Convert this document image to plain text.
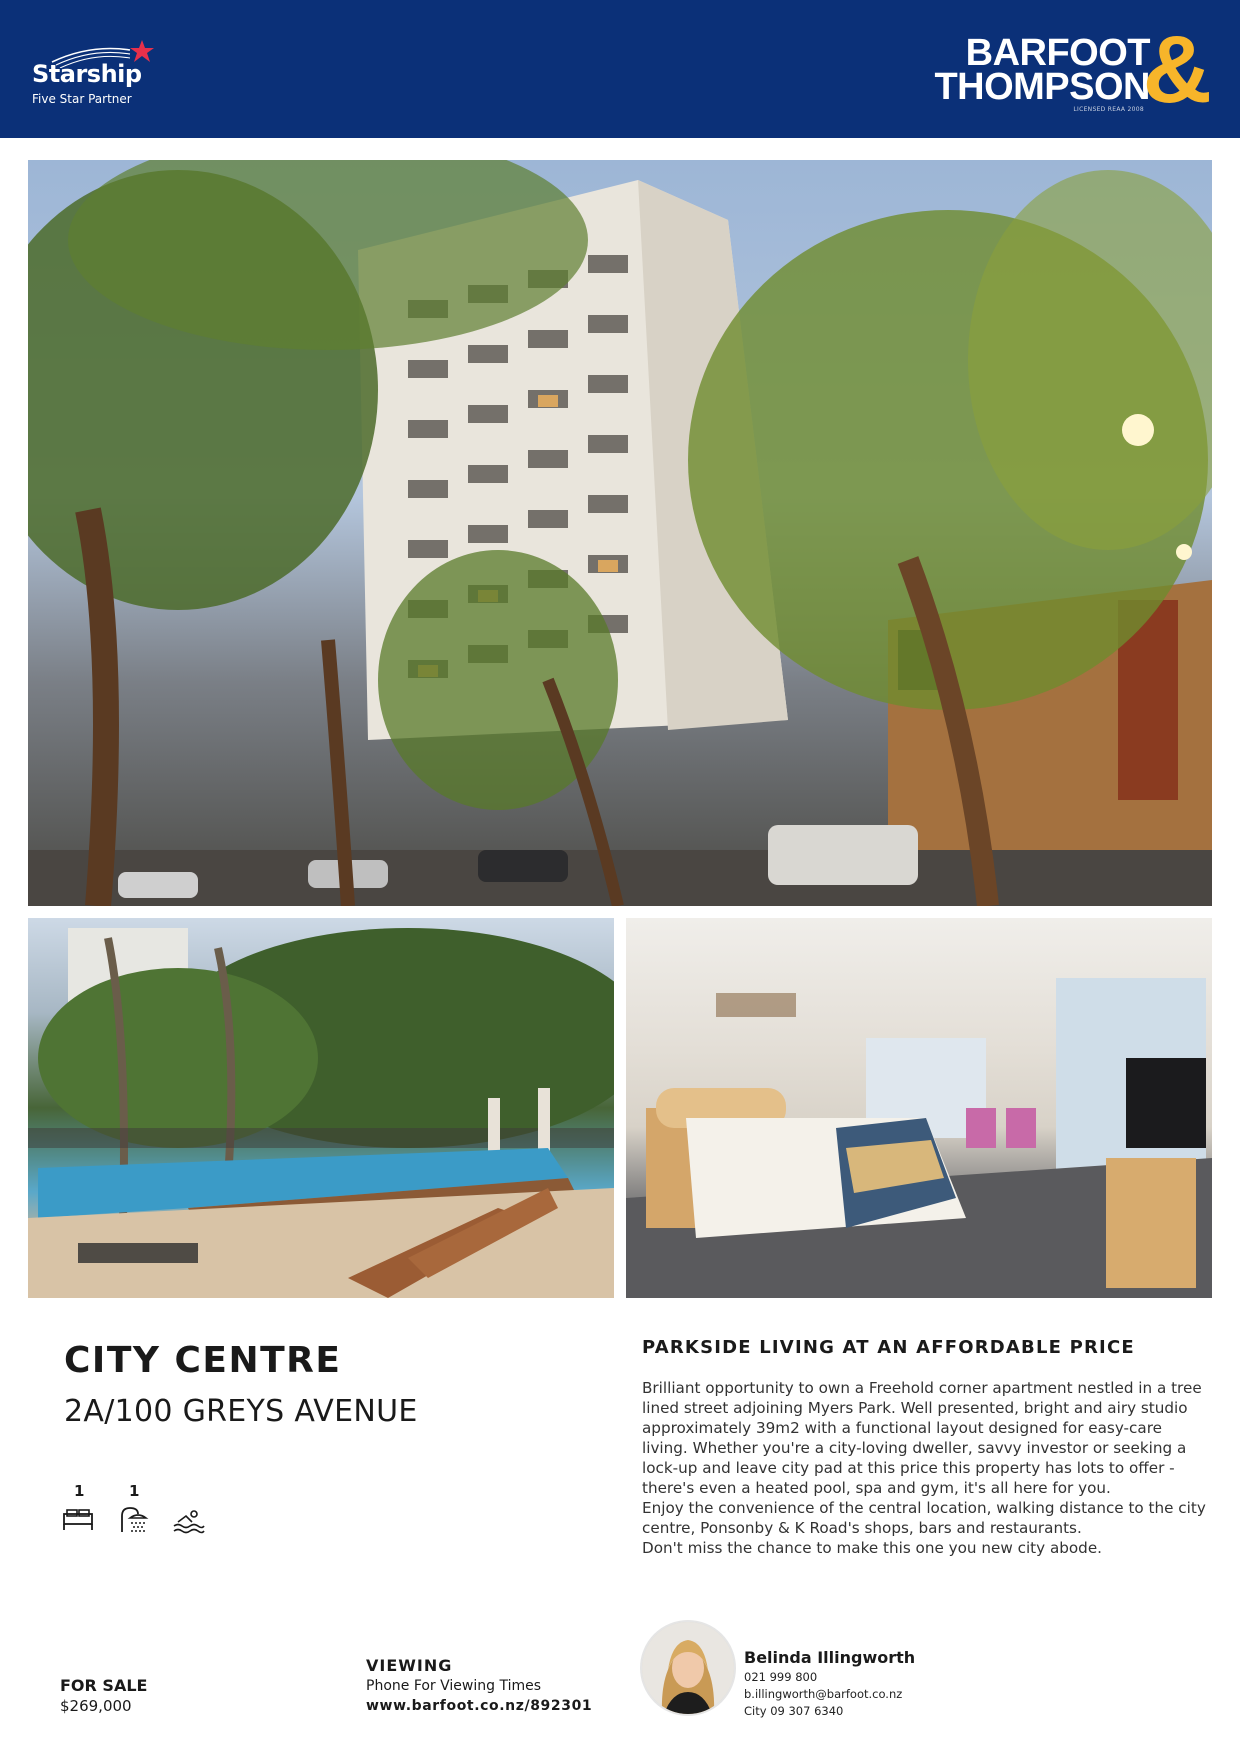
Starship
Five Star Partner
BARFOOT
THOMPSON
&
LICENSED REAA 2008
CITY CENTRE
2A/100 GREYS AVENUE
1	1
PARKSIDE LIVING AT AN AFFORDABLE PRICE

Brilliant opportunity to own a Freehold corner apartment nestled in a tree lined street adjoining Myers Park. Well presented, bright and airy studio approximately 39m2 with a functional layout designed for easy-care living. Whether you're a city-loving dweller, savvy investor or seeking a lock-up and leave city pad at this price this property has lots to offer - there's even a heated pool, spa and gym, it's all here for you.

Enjoy the convenience of the central location, walking distance to the city centre, Ponsonby & K Road's shops, bars and restaurants.

Don't miss the chance to make this one you new city abode.

FOR SALE
$269,000
VIEWING
Phone For Viewing Times
www.barfoot.co.nz/892301
Belinda Illingworth
021 999 800
b.illingworth@barfoot.co.nz
City 09 307 6340
